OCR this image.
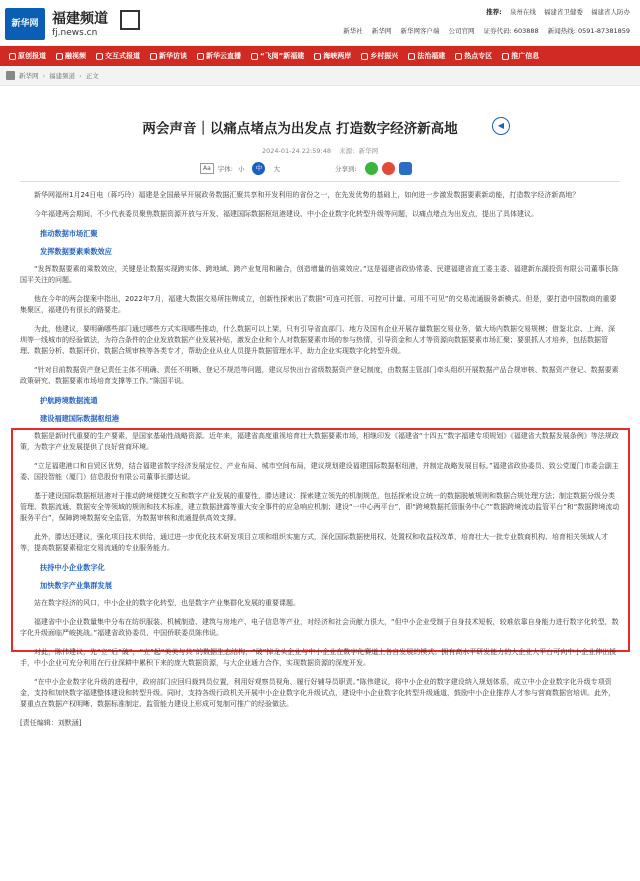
新华网 福建频道
fj.news.cn
推荐: 泉州在线 福建省卫健委 福建省人防办
新华社 新华网 新华网客户端 公司官网 证券代码: 603888 新闻热线: 0591-87381859
原创报道	融视频	交互式报道	新华访谈	新华云直播	“飞阅”新福建	海峡两岸	乡村振兴	法治福建	热点专区	推广信息
新华网 › 福建频道 › 正文
两会声音｜以痛点堵点为出发点 打造数字经济新高地	◀
2024-01-24 22:59:48 来源：新华网
Aa	字体: 小	中	大	分享到:
新华网福州1月24日电（蒋巧玲）福建是全国最早开展政务数据汇聚共享和开发利用的省份之一，在先发优势的基础上，如何进一步激发数据要素新动能，打造数字经济新高地？
今年福建两会期间，不少代表委员聚焦数据资源开放与开发、福建国际数据枢纽港建设、中小企业数字化转型升级等问题，以痛点堵点为出发点，提出了具体建议。
推动数据市场汇聚
发挥数据要素乘数效应
“发挥数据要素的乘数效应，关键是让数据实现跨实体、跨地域、跨产业复用和融合，创造增量的倍乘效应。”这是福建省政协常委、民建福建省直工委主委、福建新东湖投资有限公司董事长陈国平关注的问题。
他在今年的两会提案中指出，2022年7月，福建大数据交易所挂牌成立，创新性探索出了数据“可连可托管、可控可计量、可用不可见”的交易流通服务新模式。但是，要打造中国数商的重要集聚区，福建仍有很长的路要走。
为此，他建议，要明确哪些部门通过哪些方式实现哪些推动，什么数据可以上架，只有引导省直部门、地方及国有企业开展存量数据交易业务，做大场内数据交易规模；借鉴北京、上海、深圳等一线城市的经验做法，为符合条件的企业发放数据产业发展补贴，激发企业和个人对数据要素市场的参与热情，引导资金和人才等资源向数据要素市场汇聚；要狠抓人才培养，包括数据管理、数据分析、数据评价、数据合规审核等各类专才，帮助企业从业人员提升数据管理水平，助力企业实现数字化转型升级。
“针对目前数据资产登记责任主体不明确、责任不明晰、登记不规范等问题，建议尽快出台省级数据资产登记制度，由数据主管部门牵头组织开展数据产品合规审核、数据资产登记、数据要素政策研究、数据要素市场培育支撑等工作。”陈国平说。
护航跨境数据流通
建设福建国际数据枢纽港
数据是新时代重要的生产要素，是国家基础性战略资源。近年来，福建省高度重视培育壮大数据要素市场，相继印发《福建省“十四五”数字福建专项规划》《福建省大数据发展条例》等法规政策，为数字产业发展提供了良好营商环境。
“立足福建港口和自贸区优势，结合福建省数字经济发展定位、产业布局、城市空间布局，建议规划建设福建国际数据枢纽港，并制定战略发展目标。”福建省政协委员、致公党厦门市委会副主委、国投智能（厦门）信息股份有限公司董事长滕达说。
基于建设国际数据枢纽港对于推动跨境便捷交互和数字产业发展的重要性，滕达建议：探索建立领先的机制规范，包括探索设立统一的数据脱敏规则和数据合规处理方法；制定数据分级分类管理、数据流通、数据安全等领域的规则和技术标准，建立数据泄露等重大安全事件的应急响应机制；建设“一中心两平台”，即“跨境数据托管服务中心”“数据跨境流动监管平台”和“数据跨境流动服务平台”，保障跨境数据安全监管，为数据审核和流通提供高效支撑。
此外，滕达还建议，强化项目技术供给，通过进一步优化技术研发项目立项和组织实施方式，深化国际数据使用权、处置权和收益权改革，培育壮大一批专业数商机构、培育相关领域人才等，提高数据要素稳定交易流通的专业服务能力。
扶持中小企业数字化
加快数字产业集群发展
站在数字经济的风口，中小企业的数字化转型，也是数字产业集群化发展的重要课题。
福建省中小企业数量集中分布在纺织服装、机械制造、建筑与房地产、电子信息等产业，对经济和社会贡献力很大，“但中小企业受制于自身技术短板，较难依靠自身能力进行数字化转型，数字化升级面临严峻挑战。”福建省政协委员、中国侨联委员陈伟说。
对此，陈伟建议，先“立”后“破”，“立”起“美美与共”的数据生态结构，“破”掉龙头企业与中小企业在数字化赛道上各自发展的模式。拥有高水平研发能力的大企业大平台可向中小企业伸出援手，中小企业可充分利用在行业深耕中累积下来的庞大数据资源，与大企业通力合作，实现数据资源的深度开发。
“在中小企业数字化升级的进程中，政府部门应回归裁判员位置，利用好观察员视角、履行好辅导员职责。”陈伟建议，将中小企业的数字建设纳入规划体系，成立中小企业数字化升级专项资金，支持和加快数字福建整体建设和转型升级。同时，支持各级行政机关开展中小企业数字化升级试点，建设中小企业数字化转型升级通道，鼓励中小企业推荐人才参与营商数据官培训。此外，要重点在数据产权明晰、数据标准制定、监管能力建设上形成可复制可推广的经验做法。
[责任编辑：刘默涵]
